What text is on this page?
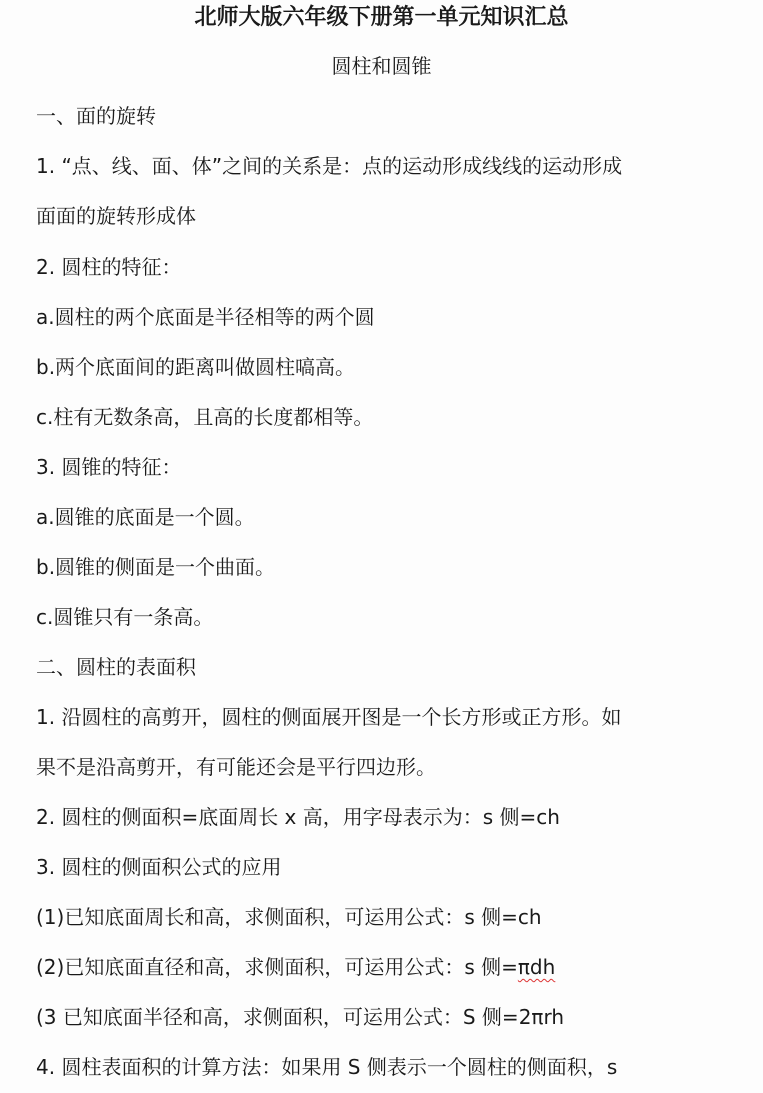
北师大版六年级下册第一单元知识汇总
圆柱和圆锥
一、面的旋转
1. “点、线、面、体”之间的关系是：点的运动形成线线的运动形成
面面的旋转形成体
2. 圆柱的特征：
a.圆柱的两个底面是半径相等的两个圆
b.两个底面间的距离叫做圆柱嗃高。
c.柱有无数条高，且高的长度都相等。
3. 圆锥的特征：
a.圆锥的底面是一个圆。
b.圆锥的侧面是一个曲面。
c.圆锥只有一条高。
二、圆柱的表面积
1. 沿圆柱的高剪开，圆柱的侧面展开图是一个长方形或正方形。如
果不是沿高剪开，有可能还会是平行四边形。
2. 圆柱的侧面积=底面周长 x 高，用字母表示为：s 侧=ch
3. 圆柱的侧面积公式的应用
(1)已知底面周长和高，求侧面积，可运用公式：s 侧=ch
(2)已知底面直径和高，求侧面积，可运用公式：s 侧=πdh
(3 已知底面半径和高，求侧面积，可运用公式：S 侧=2πrh
4. 圆柱表面积的计算方法：如果用 S 侧表示一个圆柱的侧面积，s
